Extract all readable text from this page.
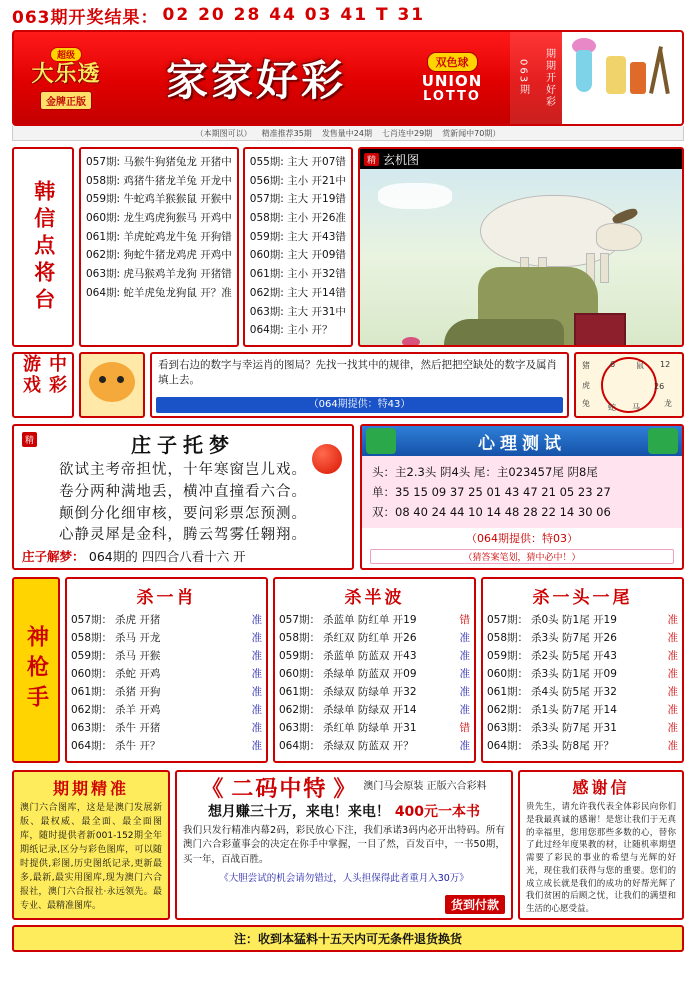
063期开奖结果： 02 20 28 44 03 41 T 31
超级
大乐透
金牌正版	家家好彩	双色球
UNION
LOTTO
063期	期期开好彩
（本期图可以） 精准推荐35期 发售量中24期 七肖连中29期 赏新闻中70期）
韩信点将台
057期: 马猴牛狗猪兔龙 开猪中
058期: 鸡猪牛猪龙羊兔 开龙中
059期: 牛蛇鸡羊猴猴鼠 开猴中
060期: 龙生鸡虎狗猴马 开鸡中
061期: 羊虎蛇鸡龙牛兔 开狗错
062期: 狗蛇牛猪龙鸡虎 开鸡中
063期: 虎马猴鸡羊龙狗 开猪错
064期: 蛇羊虎兔龙狗鼠 开？准
055期: 主大 开07错
056期: 主小 开21中
057期: 主大 开19错
058期: 主小 开26准
059期: 主大 开43错
060期: 主大 开09错
061期: 主小 开32错
062期: 主大 开14错
063期: 主大 开31中
064期: 主小 开？
精 玄机图
中彩游戏	看到右边的数字与幸运肖的图局？先找一找其中的规律，然后把把空缺处的数字及属肖填上去。
（064期提供：特43）
猪	6	鼠 12
26
龙
兔
虎
蛇 马
精	庄子托梦
欲试主考帝担忧，十年寒窗岂儿戏。
卷分两种满地丢，横冲直撞看六合。
颠倒分化细审核，要问彩票怎预测。
心静灵犀是金科，腾云驾雾任翱翔。
庄子解梦： 064期的 四四合八看十六 开
心理测试
头：主2.3头 阴4头 尾：主023457尾 阴8尾
单：35 15 09 37 25 01 43 47 21 05 23 27
双：08 40 24 44 10 14 48 28 22 14 30 06
（064期提供：特03）
（猜答案笔划，猜中必中！）
神枪手
杀一肖
057期： 杀虎 开猪	准
058期： 杀马 开龙	准
059期： 杀马 开猴	准
060期： 杀蛇 开鸡	准
061期： 杀猪 开狗	准
062期： 杀羊 开鸡	准
063期： 杀牛 开猪	准
064期： 杀牛 开？	准
杀半波
057期： 杀蓝单 防红单 开19	错
058期： 杀红双 防红单 开26	准
059期： 杀蓝单 防蓝双 开43	准
060期： 杀绿单 防蓝双 开09	准
061期： 杀绿双 防绿单 开32	准
062期： 杀绿单 防绿双 开14	准
063期： 杀红单 防绿单 开31	错
064期： 杀绿双 防蓝双 开？	准
杀一头一尾
057期： 杀0头 防1尾 开19	准
058期： 杀3头 防7尾 开26	准
059期： 杀2头 防5尾 开43	准
060期： 杀3头 防1尾 开09	准
061期： 杀4头 防5尾 开32	准
062期： 杀1头 防7尾 开14	准
063期： 杀3头 防7尾 开31	准
064期： 杀3头 防8尾 开？	准
期期精准

澳门六合图库，这是是澳门发展新版、最权威、最全面、最全面图库，随时提供者新001-152期全年期纸记录,区分与彩色图库，可以随时提供,彩图,历史图纸记录,更新最多,最新,最实用图库,现为澳门六合报社，澳门六合报社·永远领先。最专业、最精准图库。

《 二码中特 》 澳门马会原装 正版六合彩料
想月赚三十万，来电！来电！ 400元一本书

我们只发行精准内幕2码，彩民放心下注，我们承诺3码内必开出特码。所有澳门六合彩董事会的决定在你手中掌握，一目了然，百发百中，一书50期，买一年，百战百胜。

《大胆尝试的机会请勿错过，人头担保得此者重月入30万》
货到付款
感谢信

贵先生，请允许我代表全体彩民向你们是我最真诚的感谢！是您让我们于无真的幸福里，您用您那些多数的心，替你了此过经年度果教的材，让随机率期望需要了彩民的事业的希望与光辉的好光，现住我们获得与您的重要。您们的成立成长就是我们的成功的好帮光辉了我们贫困的后顾之忧，让我们的满望和生活的心愿受益。

注：收到本猛料十五天内可无条件退货换货
